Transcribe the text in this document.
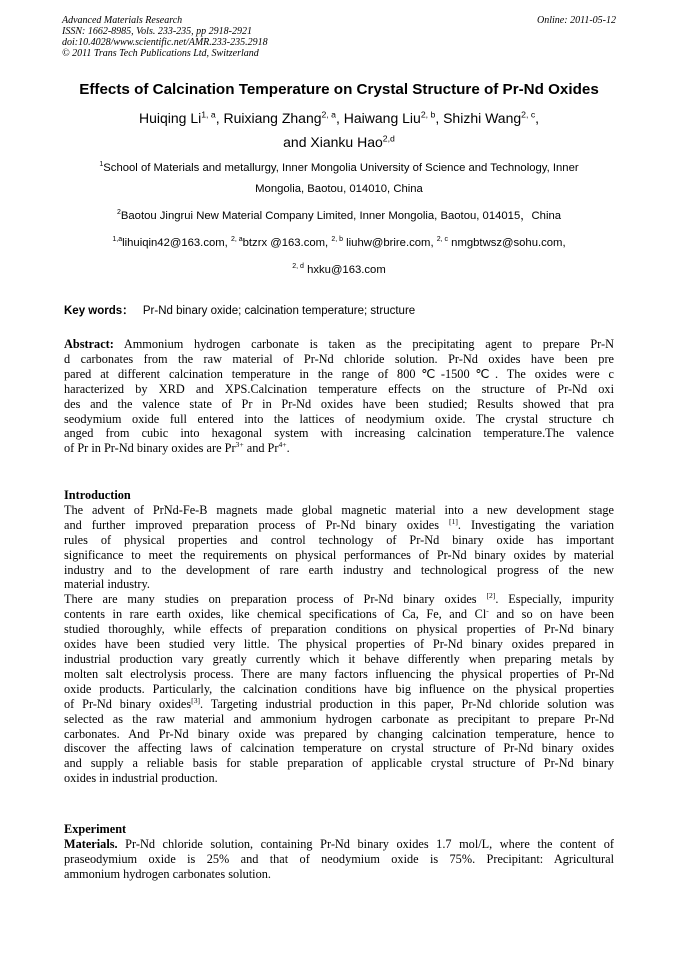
Advanced Materials Research
ISSN: 1662-8985, Vols. 233-235, pp 2918-2921
doi:10.4028/www.scientific.net/AMR.233-235.2918
© 2011 Trans Tech Publications Ltd, Switzerland
Online: 2011-05-12
Effects of Calcination Temperature on Crystal Structure of Pr-Nd Oxides
Huiqing Li$^{1, a}$, Ruixiang Zhang$^{2, a}$, Haiwang Liu$^{2, b}$, Shizhi Wang$^{2, c}$,
and Xianku Hao$^{2,d}$
$^1$School of Materials and metallurgy, Inner Mongolia University of Science and Technology, Inner
Mongolia, Baotou, 014010, China
$^2$Baotou Jingrui New Material Company Limited, Inner Mongolia, Baotou, 014015，China
$^{1,a}$lihuiqin42@163.com, $^{2, a}$btzrx @163.com, $^{2, b}$ liuhw@brire.com, $^{2, c}$ nmgbtwsz@sohu.com,
$^{2, d}$ hxku@163.com
Key words： Pr-Nd binary oxide; calcination temperature; structure
Abstract: Ammonium hydrogen carbonate is taken as the precipitating agent to prepare Pr-N
d carbonates from the raw material of Pr-Nd chloride solution. Pr-Nd oxides have been pre
pared at different calcination temperature in the range of 800℃-1500℃. The oxides were c
haracterized by XRD and XPS.Calcination temperature effects on the structure of Pr-Nd oxi
des and the valence state of Pr in Pr-Nd oxides have been studied; Results showed that pra
seodymium oxide full entered into the lattices of neodymium oxide. The crystal structure ch
anged from cubic into hexagonal system with increasing calcination temperature.The valence
of Pr in Pr-Nd binary oxides are $Pr^{3+}$ and $Pr^{4+}$.
Introduction
The advent of PrNd-Fe-B magnets made global magnetic material into a new development stage
and further improved preparation process of Pr-Nd binary oxides [1]. Investigating the variation
rules of physical properties and control technology of Pr-Nd binary oxide has important
significance to meet the requirements on physical performances of Pr-Nd binary oxides by material
industry and to the development of rare earth industry and technological progress of the new
material industry.
There are many studies on preparation process of Pr-Nd binary oxides [2]. Especially, impurity
contents in rare earth oxides, like chemical specifications of Ca, Fe, and Cl- and so on have been
studied thoroughly, while effects of preparation conditions on physical properties of Pr-Nd binary
oxides have been studied very little. The physical properties of Pr-Nd binary oxides prepared in
industrial production vary greatly currently which it behave differently when preparing metals by
molten salt electrolysis process. There are many factors influencing the physical properties of Pr-Nd
oxide products. Particularly, the calcination conditions have big influence on the physical properties
of Pr-Nd binary oxides[3]. Targeting industrial production in this paper, Pr-Nd chloride solution was
selected as the raw material and ammonium hydrogen carbonate as precipitant to prepare Pr-Nd
carbonates. And Pr-Nd binary oxide was prepared by changing calcination temperature, hence to
discover the affecting laws of calcination temperature on crystal structure of Pr-Nd binary oxides
and supply a reliable basis for stable preparation of applicable crystal structure of Pr-Nd binary
oxides in industrial production.
Experiment
Materials. Pr-Nd chloride solution, containing Pr-Nd binary oxides 1.7 mol/L, where the content of
praseodymium oxide is 25% and that of neodymium oxide is 75%. Precipitant: Agricultural
ammonium hydrogen carbonates solution.
